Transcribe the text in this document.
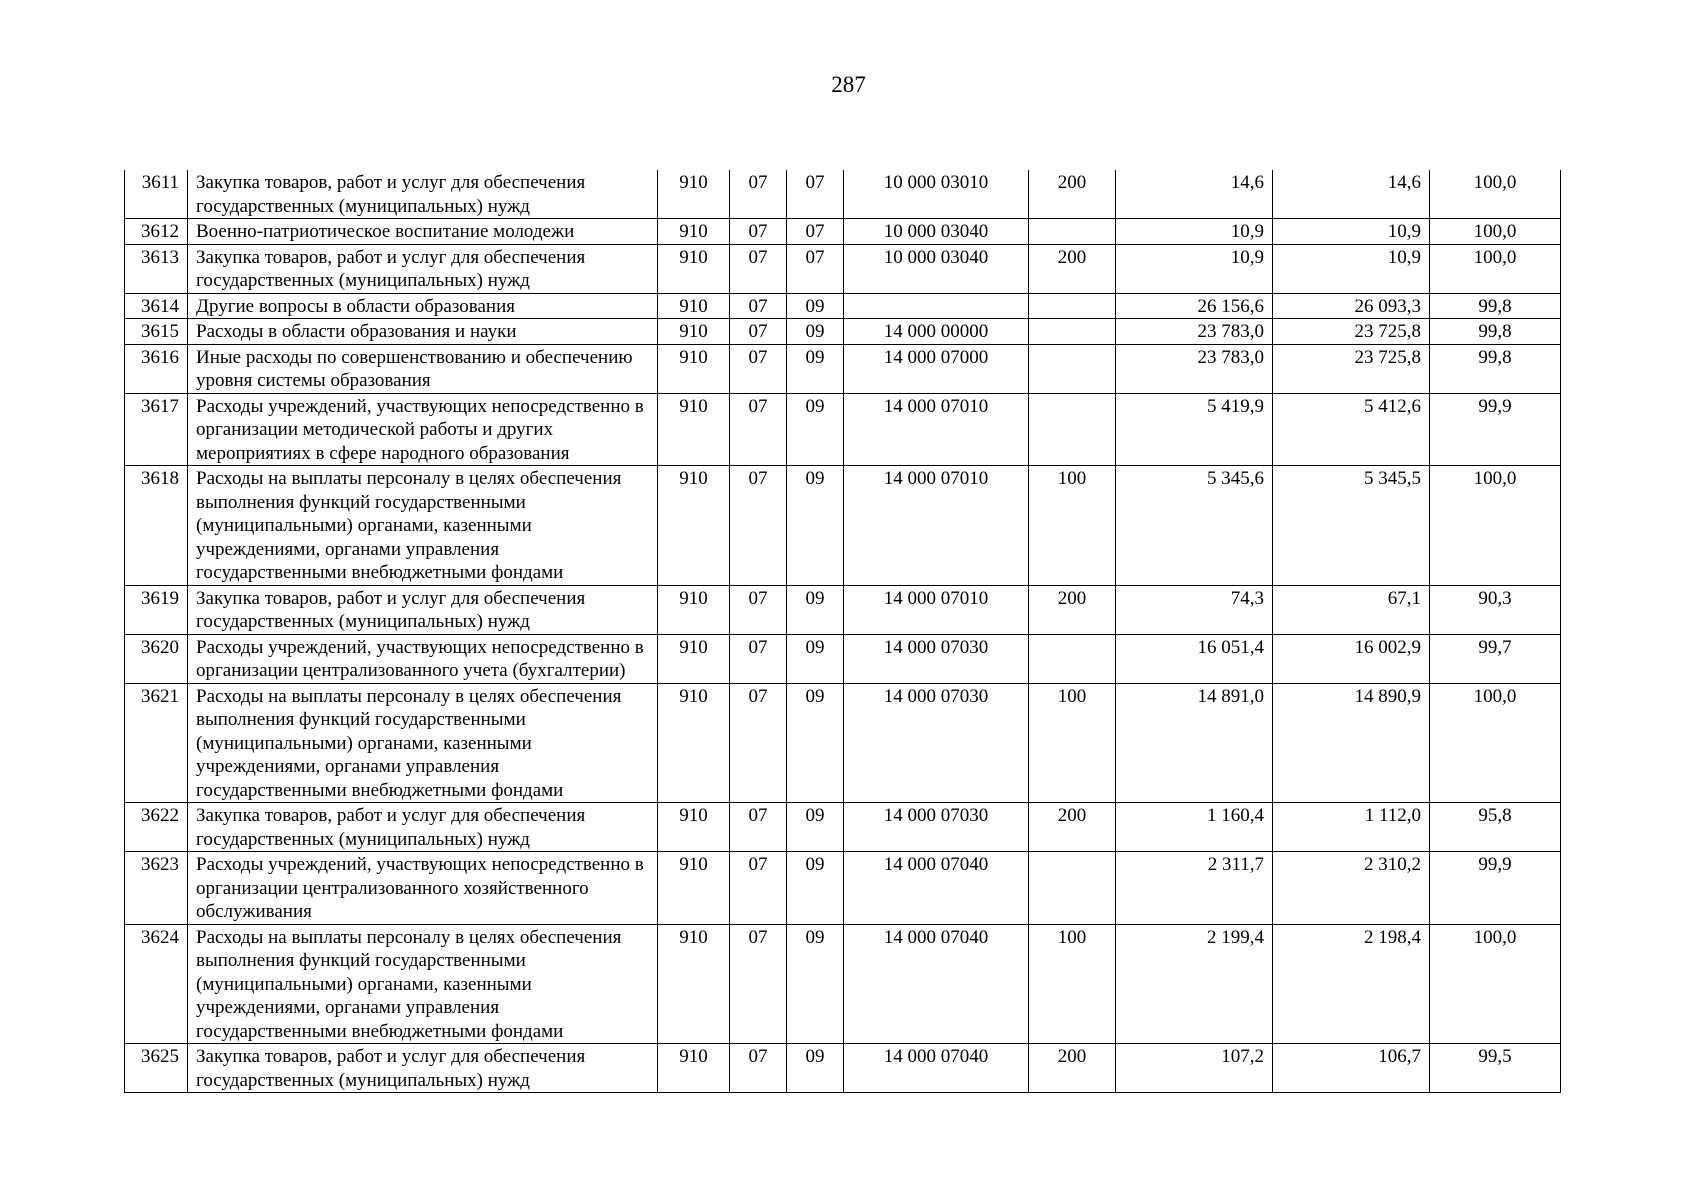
287
3611	Закупка товаров, работ и услуг для обеспечения государственных (муниципальных) нужд	910	07	07	10 000 03010	200	14,6	14,6	100,0
3612	Военно-патриотическое воспитание молодежи	910	07	07	10 000 03040		10,9	10,9	100,0
3613	Закупка товаров, работ и услуг для обеспечения государственных (муниципальных) нужд	910	07	07	10 000 03040	200	10,9	10,9	100,0
3614	Другие вопросы в области образования	910	07	09			26 156,6	26 093,3	99,8
3615	Расходы в области образования и науки	910	07	09	14 000 00000		23 783,0	23 725,8	99,8
3616	Иные расходы по совершенствованию и обеспечению уровня системы образования	910	07	09	14 000 07000		23 783,0	23 725,8	99,8
3617	Расходы учреждений, участвующих непосредственно в организации методической работы и других мероприятиях в сфере народного образования	910	07	09	14 000 07010		5 419,9	5 412,6	99,9
3618	Расходы на выплаты персоналу в целях обеспечения выполнения функций государственными (муниципальными) органами, казенными учреждениями, органами управления государственными внебюджетными фондами	910	07	09	14 000 07010	100	5 345,6	5 345,5	100,0
3619	Закупка товаров, работ и услуг для обеспечения государственных (муниципальных) нужд	910	07	09	14 000 07010	200	74,3	67,1	90,3
3620	Расходы учреждений, участвующих непосредственно в организации централизованного учета (бухгалтерии)	910	07	09	14 000 07030		16 051,4	16 002,9	99,7
3621	Расходы на выплаты персоналу в целях обеспечения выполнения функций государственными (муниципальными) органами, казенными учреждениями, органами управления государственными внебюджетными фондами	910	07	09	14 000 07030	100	14 891,0	14 890,9	100,0
3622	Закупка товаров, работ и услуг для обеспечения государственных (муниципальных) нужд	910	07	09	14 000 07030	200	1 160,4	1 112,0	95,8
3623	Расходы учреждений, участвующих непосредственно в организации централизованного хозяйственного обслуживания	910	07	09	14 000 07040		2 311,7	2 310,2	99,9
3624	Расходы на выплаты персоналу в целях обеспечения выполнения функций государственными (муниципальными) органами, казенными учреждениями, органами управления государственными внебюджетными фондами	910	07	09	14 000 07040	100	2 199,4	2 198,4	100,0
3625	Закупка товаров, работ и услуг для обеспечения государственных (муниципальных) нужд	910	07	09	14 000 07040	200	107,2	106,7	99,5
